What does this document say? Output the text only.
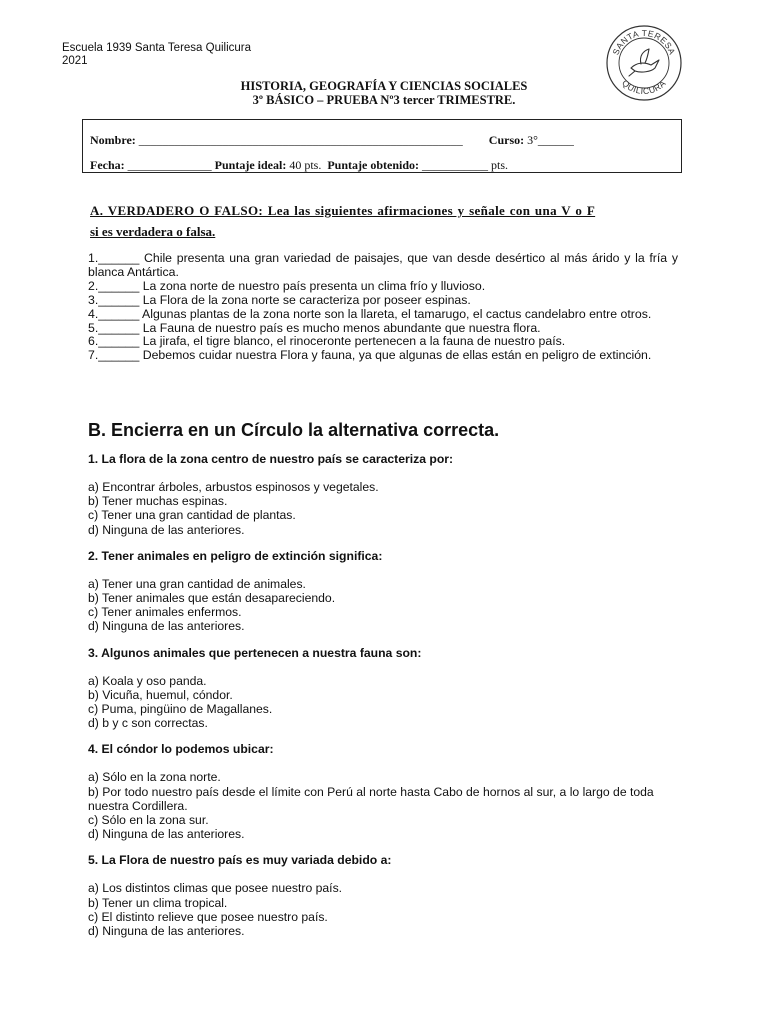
Escuela 1939 Santa Teresa Quilicura
2021
SANTA TERESA
QUILICURA
HISTORIA, GEOGRAFÍA Y CIENCIAS SOCIALES
3º BÁSICO – PRUEBA Nº3 tercer TRIMESTRE.
Nombre: ______________________________________________________ Curso: 3°______
Fecha: ______________ Puntaje ideal: 40 pts. Puntaje obtenido: ___________ pts.
A. VERDADERO O FALSO: Lea las siguientes afirmaciones y señale con una V o F
si es verdadera o falsa.
1.______ Chile presenta una gran variedad de paisajes, que van desde desértico al más árido y la fría y blanca Antártica.
2.______ La zona norte de nuestro país presenta un clima frío y lluvioso.
3.______ La Flora de la zona norte se caracteriza por poseer espinas.
4.______ Algunas plantas de la zona norte son la llareta, el tamarugo, el cactus candelabro entre otros.
5.______ La Fauna de nuestro país es mucho menos abundante que nuestra flora.
6.______ La jirafa, el tigre blanco, el rinoceronte pertenecen a la fauna de nuestro país.
7.______ Debemos cuidar nuestra Flora y fauna, ya que algunas de ellas están en peligro de extinción.
B. Encierra en un Círculo la alternativa correcta.
1. La flora de la zona centro de nuestro país se caracteriza por:
a) Encontrar árboles, arbustos espinosos y vegetales.
b) Tener muchas espinas.
c) Tener una gran cantidad de plantas.
d) Ninguna de las anteriores.
2. Tener animales en peligro de extinción significa:
a) Tener una gran cantidad de animales.
b) Tener animales que están desapareciendo.
c) Tener animales enfermos.
d) Ninguna de las anteriores.
3. Algunos animales que pertenecen a nuestra fauna son:
a) Koala y oso panda.
b) Vicuña, huemul, cóndor.
c) Puma, pingüino de Magallanes.
d) b y c son correctas.
4. El cóndor lo podemos ubicar:
a) Sólo en la zona norte.
b) Por todo nuestro país desde el límite con Perú al norte hasta Cabo de hornos al sur, a lo largo de toda nuestra Cordillera.
c) Sólo en la zona sur.
d) Ninguna de las anteriores.
5. La Flora de nuestro país es muy variada debido a:
a) Los distintos climas que posee nuestro país.
b) Tener un clima tropical.
c) El distinto relieve que posee nuestro país.
d) Ninguna de las anteriores.
